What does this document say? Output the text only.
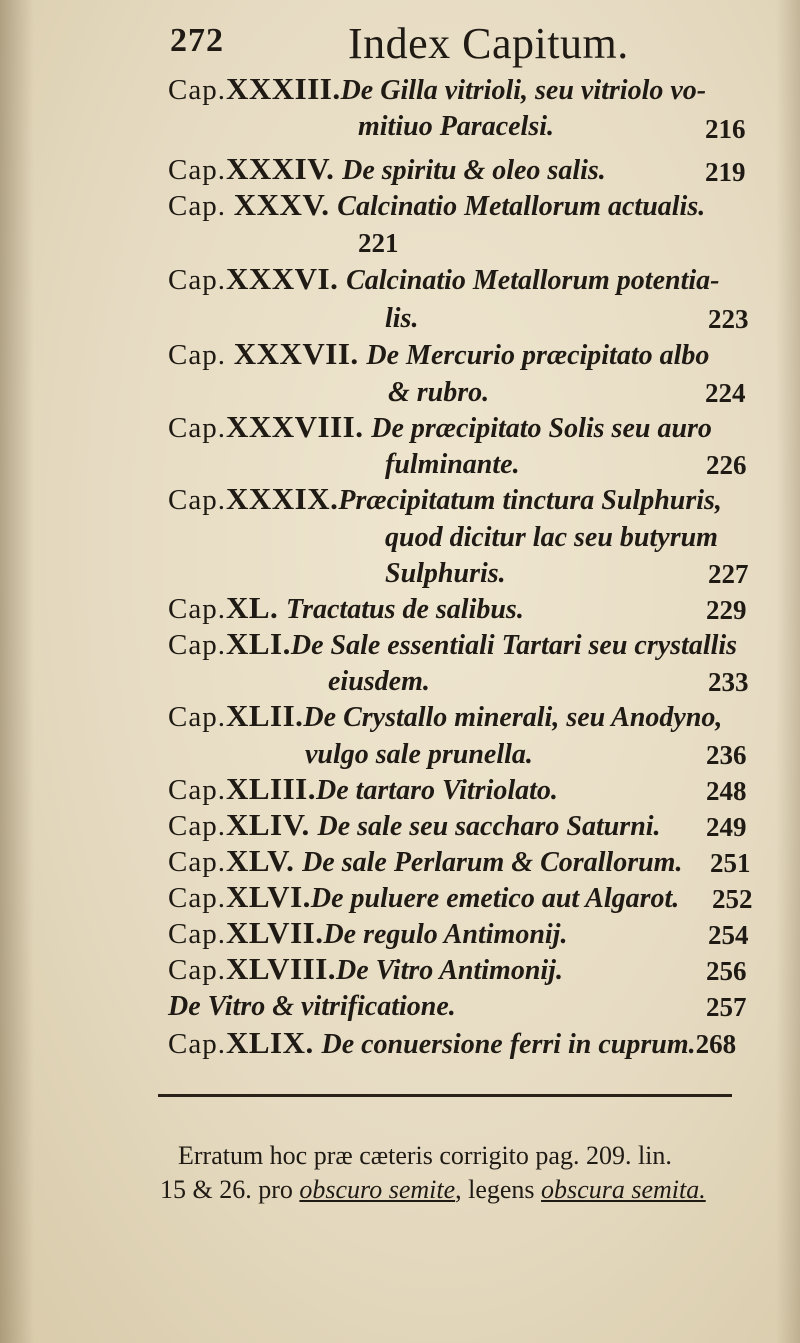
272	Index Capitum.
Cap.XXXIII.De Gilla vitrioli, seu vitriolo vo-
mitiuo Paracelsi.	216
Cap.XXXIV. De spiritu & oleo salis.	219
Cap. XXXV. Calcinatio Metallorum actualis.
221
Cap.XXXVI. Calcinatio Metallorum potentia-
lis.	223
Cap. XXXVII. De Mercurio præcipitato albo
& rubro.	224
Cap.XXXVIII. De præcipitato Solis seu auro
fulminante.	226
Cap.XXXIX.Præcipitatum tinctura Sulphuris,
quod dicitur lac seu butyrum
Sulphuris.	227
Cap.XL. Tractatus de salibus.	229
Cap.XLI.De Sale essentiali Tartari seu crystallis
eiusdem.	233
Cap.XLII.De Crystallo minerali, seu Anodyno,
vulgo sale prunella.	236
Cap.XLIII.De tartaro Vitriolato.	248
Cap.XLIV. De sale seu saccharo Saturni. 249
Cap.XLV. De sale Perlarum & Corallorum. 251
Cap.XLVI.De puluere emetico aut Algarot. 252
Cap.XLVII.De regulo Antimonij.	254
Cap.XLVIII.De Vitro Antimonij.	256
De Vitro & vitrificatione.	257
Cap.XLIX. De conuersione ferri in cuprum.268
Erratum hoc præ cæteris corrigito pag. 209. lin.
15 & 26. pro obscuro semite, legens obscura semita.
